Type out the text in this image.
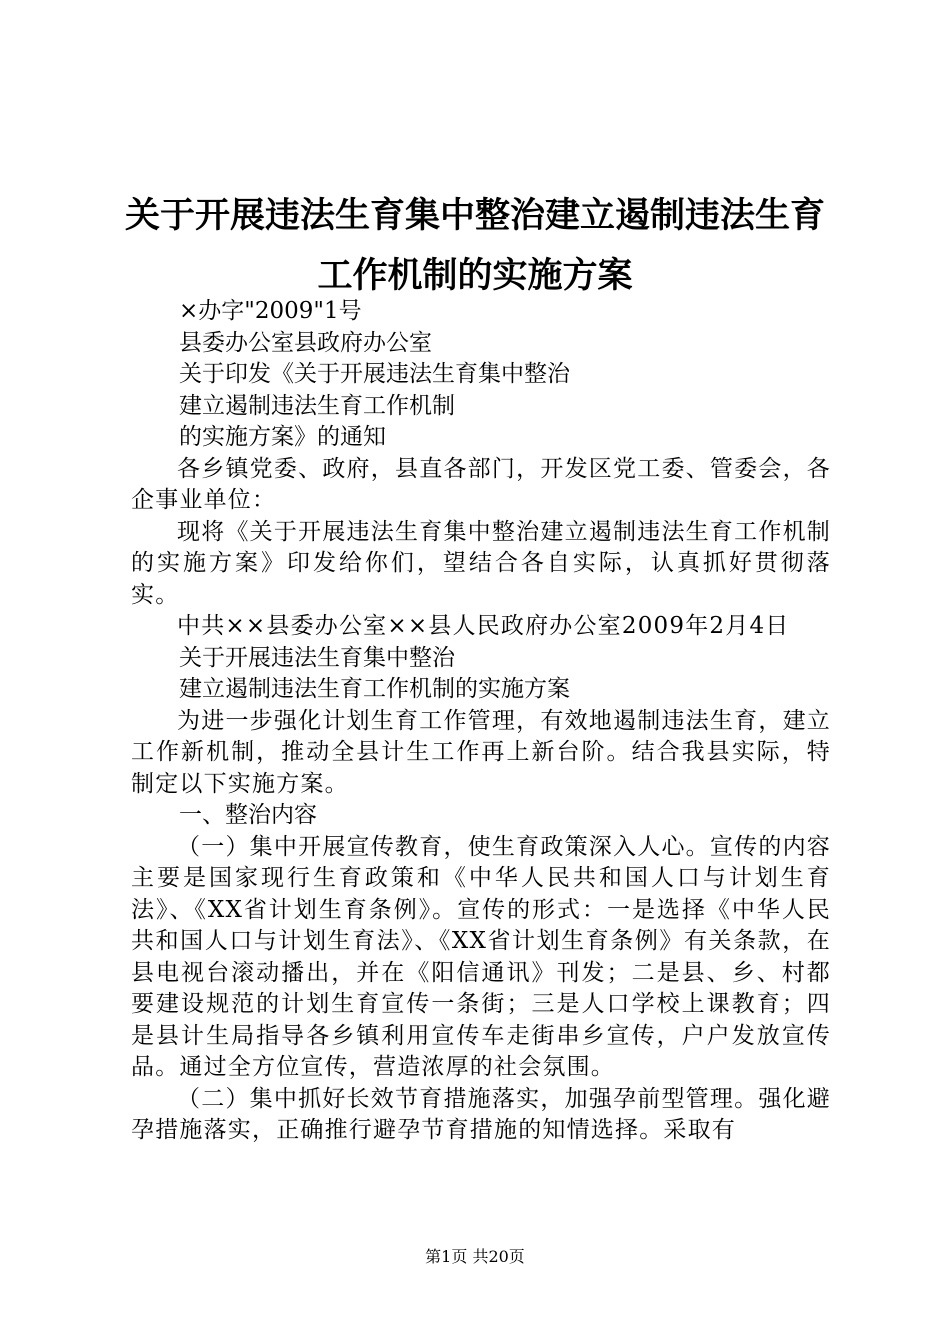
关于开展违法生育集中整治建立遏制违法生育
工作机制的实施方案
×办字"2009"1号
县委办公室县政府办公室
关于印发《关于开展违法生育集中整治
建立遏制违法生育工作机制
的实施方案》的通知
各乡镇党委、政府，县直各部门，开发区党工委、管委会，各企事业单位：
现将《关于开展违法生育集中整治建立遏制违法生育工作机制的实施方案》印发给你们，望结合各自实际，认真抓好贯彻落实。
中共××县委办公室××县人民政府办公室2009年2月4日
关于开展违法生育集中整治
建立遏制违法生育工作机制的实施方案
为进一步强化计划生育工作管理，有效地遏制违法生育，建立工作新机制，推动全县计生工作再上新台阶。结合我县实际，特制定以下实施方案。
一、整治内容
（一）集中开展宣传教育，使生育政策深入人心。宣传的内容主要是国家现行生育政策和《中华人民共和国人口与计划生育法》、《XX省计划生育条例》。宣传的形式：一是选择《中华人民共和国人口与计划生育法》、《XX省计划生育条例》有关条款，在县电视台滚动播出，并在《阳信通讯》刊发；二是县、乡、村都要建设规范的计划生育宣传一条街；三是人口学校上课教育；四是县计生局指导各乡镇利用宣传车走街串乡宣传，户户发放宣传品。通过全方位宣传，营造浓厚的社会氛围。
（二）集中抓好长效节育措施落实，加强孕前型管理。强化避孕措施落实，正确推行避孕节育措施的知情选择。采取有
第1页 共20页
